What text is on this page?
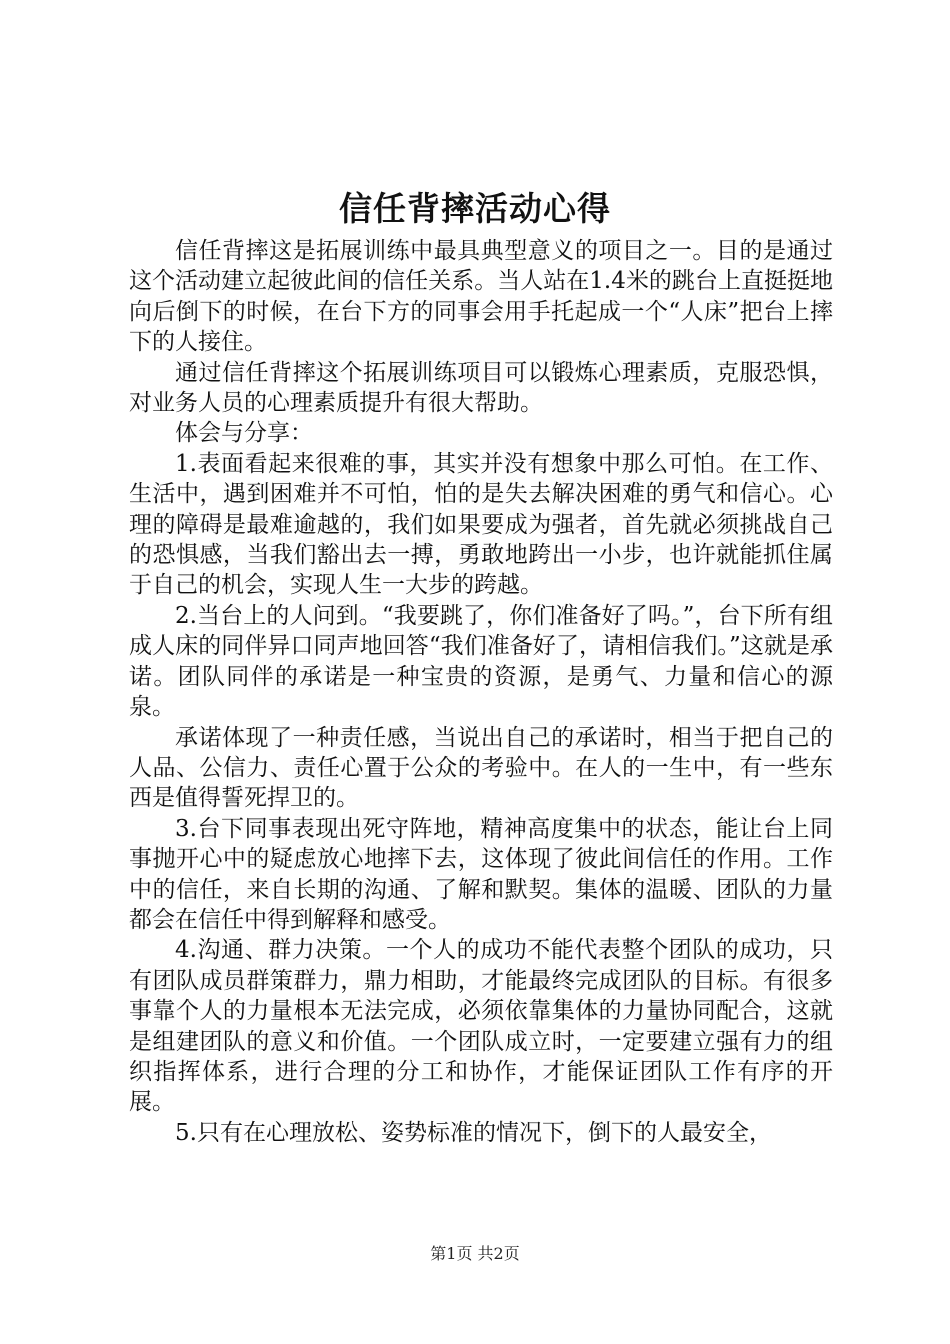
信任背摔活动心得

信任背摔这是拓展训练中最具典型意义的项目之一。目的是通过这个活动建立起彼此间的信任关系。当人站在1.4米的跳台上直挺挺地向后倒下的时候，在台下方的同事会用手托起成一个“人床”把台上摔下的人接住。

通过信任背摔这个拓展训练项目可以锻炼心理素质，克服恐惧，对业务人员的心理素质提升有很大帮助。

体会与分享：

1.表面看起来很难的事，其实并没有想象中那么可怕。在工作、生活中，遇到困难并不可怕，怕的是失去解决困难的勇气和信心。心理的障碍是最难逾越的，我们如果要成为强者，首先就必须挑战自己的恐惧感，当我们豁出去一搏，勇敢地跨出一小步，也许就能抓住属于自己的机会，实现人生一大步的跨越。

2.当台上的人问到。“我要跳了，你们准备好了吗。”，台下所有组成人床的同伴异口同声地回答“我们准备好了，请相信我们。”这就是承诺。团队同伴的承诺是一种宝贵的资源，是勇气、力量和信心的源泉。

承诺体现了一种责任感，当说出自己的承诺时，相当于把自己的人品、公信力、责任心置于公众的考验中。在人的一生中，有一些东西是值得誓死捍卫的。

3.台下同事表现出死守阵地，精神高度集中的状态，能让台上同事抛开心中的疑虑放心地摔下去，这体现了彼此间信任的作用。工作中的信任，来自长期的沟通、了解和默契。集体的温暖、团队的力量都会在信任中得到解释和感受。

4.沟通、群力决策。一个人的成功不能代表整个团队的成功，只有团队成员群策群力，鼎力相助，才能最终完成团队的目标。有很多事靠个人的力量根本无法完成，必须依靠集体的力量协同配合，这就是组建团队的意义和价值。一个团队成立时，一定要建立强有力的组织指挥体系，进行合理的分工和协作，才能保证团队工作有序的开展。

5.只有在心理放松、姿势标准的情况下，倒下的人最安全，

第1页 共2页
